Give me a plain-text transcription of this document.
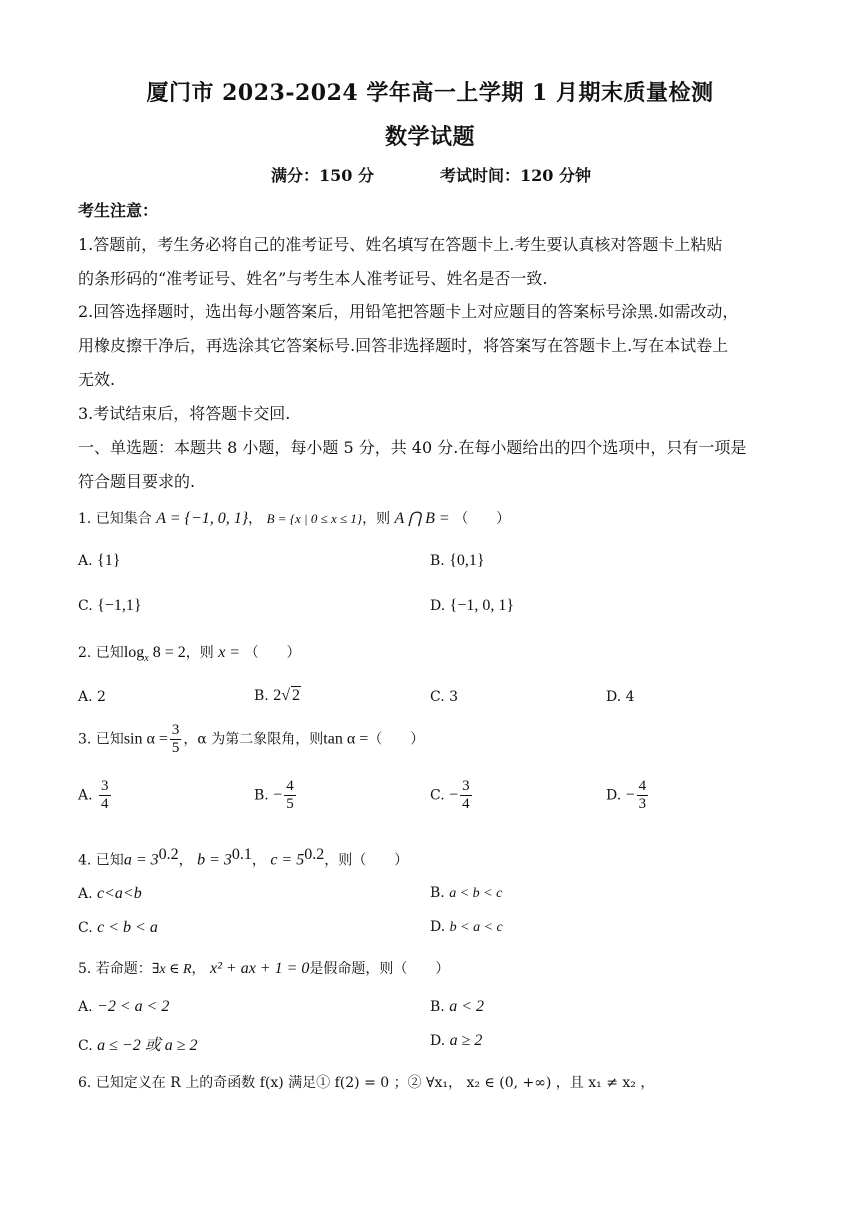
厦门市 2023-2024 学年高一上学期 1 月期末质量检测
数学试题
满分：150 分	考试时间：120 分钟
考生注意：
1.答题前，考生务必将自己的准考证号、姓名填写在答题卡上.考生要认真核对答题卡上粘贴
的条形码的“准考证号、姓名”与考生本人准考证号、姓名是否一致.
2.回答选择题时，选出每小题答案后，用铅笔把答题卡上对应题目的答案标号涂黑.如需改动，
用橡皮擦干净后，再选涂其它答案标号.回答非选择题时，将答案写在答题卡上.写在本试卷上
无效.
3.考试结束后，将答题卡交回.
一、单选题：本题共 8 小题，每小题 5 分，共 40 分.在每小题给出的四个选项中，只有一项是
符合题目要求的.
1. 已知集合 A = {−1, 0, 1}， B = {x | 0 ≤ x ≤ 1}，则 A ⋂ B = （　　）
A. {1}	B. {0,1}
C. {−1,1}	D. {−1, 0, 1}
2. 已知$\log_x 8 = 2$，则 x = （　　）
A. 2	B. 2√ 2	C. 3	D. 4
3. 已知$\sin \alpha = \frac{3}{5}$ ，α 为第二象限角，则tan α =（　　）
A. $\frac{3}{4}$	B. − $\frac{4}{5}$	C. − $\frac{3}{4}$	D. − $\frac{4}{3}$
4. 已知$a = 3^{0.2}$， $b = 3^{0.1}$， $c = 5^{0.2}$，则（　　）
A. c<a<b	B. a < b < c
C. c < b < a	D. b < a < c
5. 若命题：∃x ∈ R， x² + ax + 1 = 0是假命题，则（　　）
A. −2 < a < 2	B. a < 2
C. a ≤ −2 或 a ≥ 2	D. a ≥ 2
6. 已知定义在 R 上的奇函数 f(x) 满足① f(2) = 0 ；② ∀x₁， x₂ ∈ (0, +∞) ，且 x₁ ≠ x₂ ，
